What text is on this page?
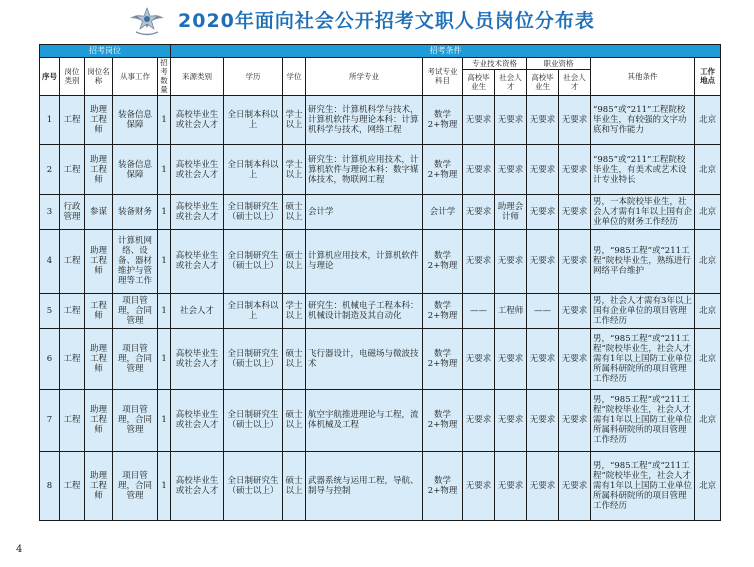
2020年面向社会公开招考文职人员岗位分布表
招考岗位					招考条件										
序号	岗位类别	岗位名称	从事工作	招考数量	来源类别	学历	学位	所学专业	考试专业科目	专业技术资格		职业资格		其他条件	工作地点
										高校毕业生	社会人才	高校毕业生	社会人才		
1	工程	助理工程师	装备信息保障	1	高校毕业生或社会人才	全日制本科以上	学士以上	研究生：计算机科学与技术，计算机软件与理论本科：计算机科学与技术，网络工程	数学2+物理	无要求	无要求	无要求	无要求	“985”或“211”工程院校毕业生，有较强的文字功底和写作能力	北京
2	工程	助理工程师	装备信息保障	1	高校毕业生或社会人才	全日制本科以上	学士以上	研究生：计算机应用技术，计算机软件与理论本科：数字媒体技术，物联网工程	数学2+物理	无要求	无要求	无要求	无要求	“985”或“211”工程院校毕业生，有美术或艺术设计专业特长	北京
3	行政管理	参谋	装备财务	1	高校毕业生或社会人才	全日制研究生（硕士以上）	硕士以上	会计学	会计学	无要求	助理会计师	无要求	无要求	男，一本院校毕业生，社会人才需有1年以上国有企业单位的财务工作经历	北京
4	工程	助理工程师	计算机网络、设备、器材维护与管理等工作	1	高校毕业生或社会人才	全日制研究生（硕士以上）	硕士以上	计算机应用技术，计算机软件与理论	数学2+物理	无要求	无要求	无要求	无要求	男，“985工程”或“211工程”院校毕业生，熟练进行网络平台维护	北京
5	工程	工程师	项目管理，合同管理	1	社会人才	全日制本科以上	学士以上	研究生：机械电子工程本科：机械设计制造及其自动化	数学2+物理	——	工程师	——	无要求	男，社会人才需有3年以上国有企业单位的项目管理工作经历	北京
6	工程	助理工程师	项目管理，合同管理	1	高校毕业生或社会人才	全日制研究生（硕士以上）	硕士以上	飞行器设计，电磁场与微波技术	数学2+物理	无要求	无要求	无要求	无要求	男，“985工程”或“211工程”院校毕业生，社会人才需有1年以上国防工业单位所属科研院所的项目管理工作经历	北京
7	工程	助理工程师	项目管理，合同管理	1	高校毕业生或社会人才	全日制研究生（硕士以上）	硕士以上	航空宇航推进理论与工程，流体机械及工程	数学2+物理	无要求	无要求	无要求	无要求	男，“985工程”或“211工程”院校毕业生，社会人才需有1年以上国防工业单位所属科研院所的项目管理工作经历	北京
8	工程	助理工程师	项目管理，合同管理	1	高校毕业生或社会人才	全日制研究生（硕士以上）	硕士以上	武器系统与运用工程，导航、制导与控制	数学2+物理	无要求	无要求	无要求	无要求	男，“985工程”或“211工程”院校毕业生，社会人才需有1年以上国防工业单位所属科研院所的项目管理工作经历	北京
4
